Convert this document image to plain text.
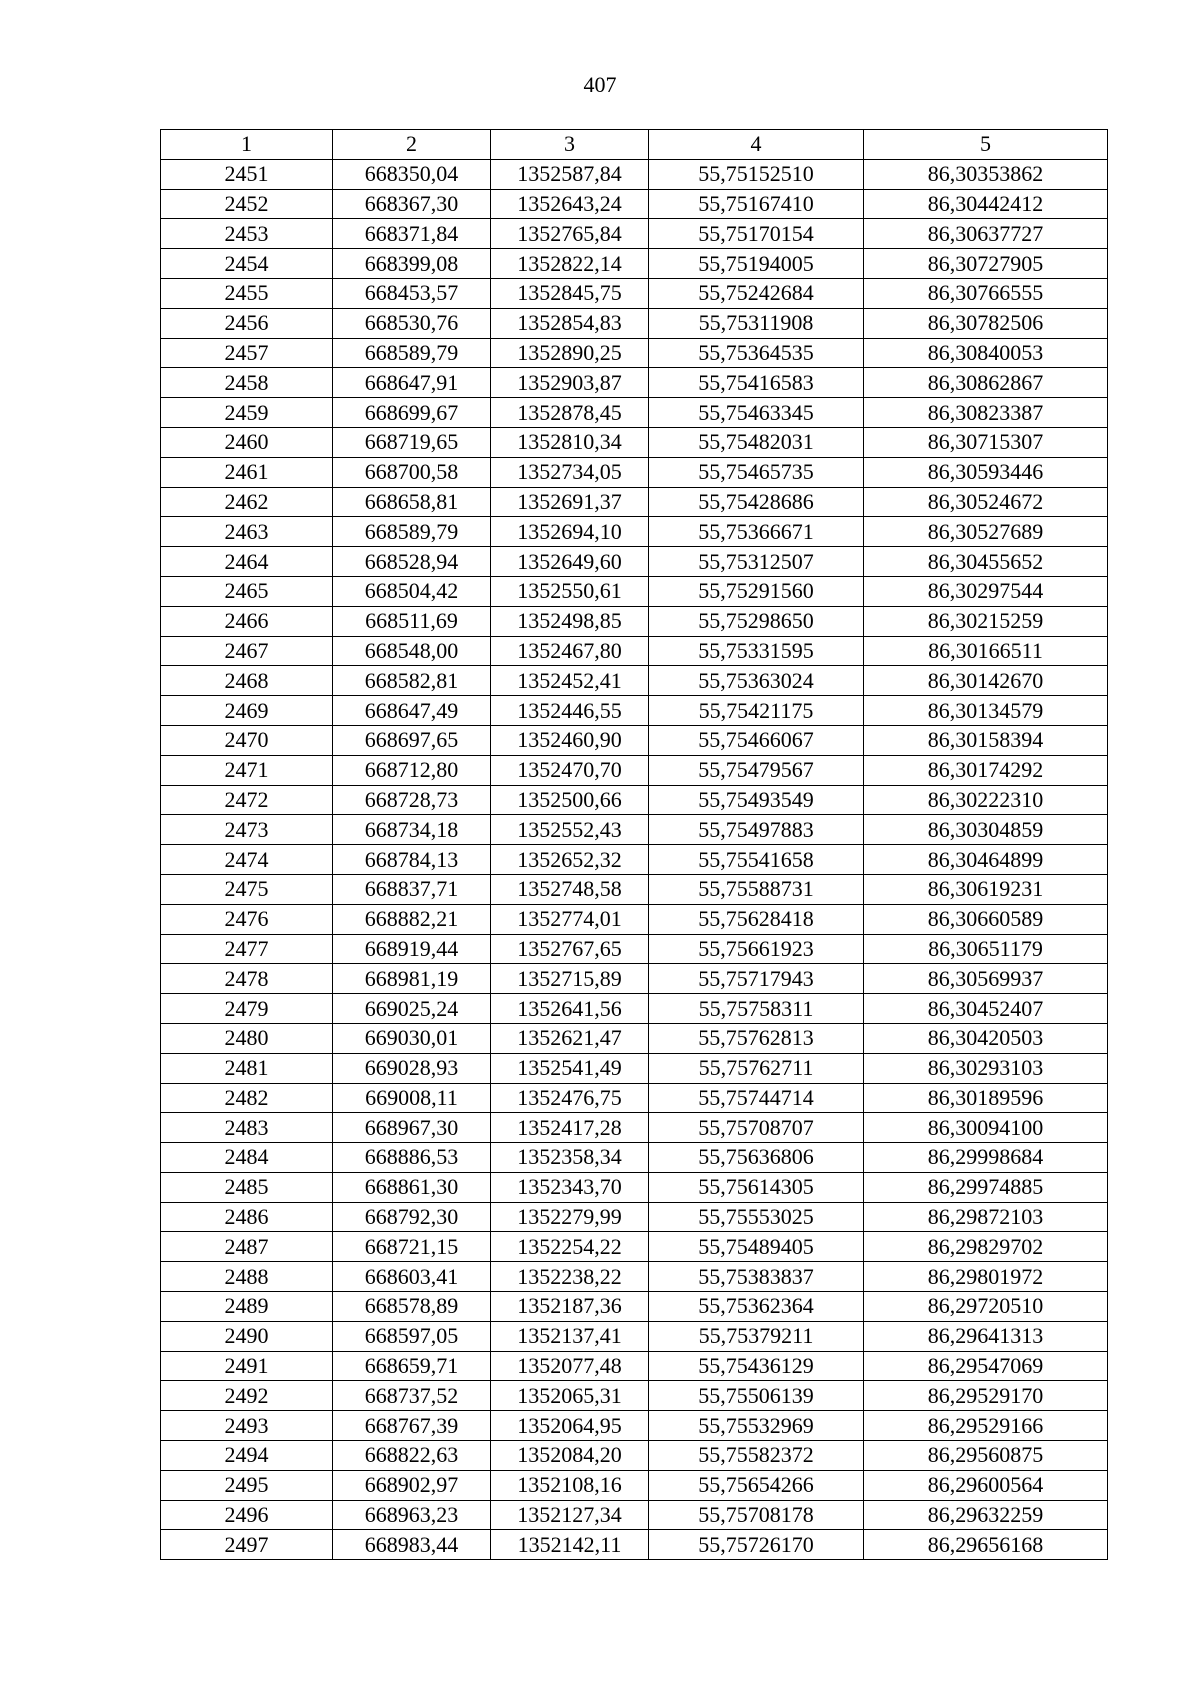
407
1	2	3	4	5
2451	668350,04	1352587,84	55,75152510	86,30353862
2452	668367,30	1352643,24	55,75167410	86,30442412
2453	668371,84	1352765,84	55,75170154	86,30637727
2454	668399,08	1352822,14	55,75194005	86,30727905
2455	668453,57	1352845,75	55,75242684	86,30766555
2456	668530,76	1352854,83	55,75311908	86,30782506
2457	668589,79	1352890,25	55,75364535	86,30840053
2458	668647,91	1352903,87	55,75416583	86,30862867
2459	668699,67	1352878,45	55,75463345	86,30823387
2460	668719,65	1352810,34	55,75482031	86,30715307
2461	668700,58	1352734,05	55,75465735	86,30593446
2462	668658,81	1352691,37	55,75428686	86,30524672
2463	668589,79	1352694,10	55,75366671	86,30527689
2464	668528,94	1352649,60	55,75312507	86,30455652
2465	668504,42	1352550,61	55,75291560	86,30297544
2466	668511,69	1352498,85	55,75298650	86,30215259
2467	668548,00	1352467,80	55,75331595	86,30166511
2468	668582,81	1352452,41	55,75363024	86,30142670
2469	668647,49	1352446,55	55,75421175	86,30134579
2470	668697,65	1352460,90	55,75466067	86,30158394
2471	668712,80	1352470,70	55,75479567	86,30174292
2472	668728,73	1352500,66	55,75493549	86,30222310
2473	668734,18	1352552,43	55,75497883	86,30304859
2474	668784,13	1352652,32	55,75541658	86,30464899
2475	668837,71	1352748,58	55,75588731	86,30619231
2476	668882,21	1352774,01	55,75628418	86,30660589
2477	668919,44	1352767,65	55,75661923	86,30651179
2478	668981,19	1352715,89	55,75717943	86,30569937
2479	669025,24	1352641,56	55,75758311	86,30452407
2480	669030,01	1352621,47	55,75762813	86,30420503
2481	669028,93	1352541,49	55,75762711	86,30293103
2482	669008,11	1352476,75	55,75744714	86,30189596
2483	668967,30	1352417,28	55,75708707	86,30094100
2484	668886,53	1352358,34	55,75636806	86,29998684
2485	668861,30	1352343,70	55,75614305	86,29974885
2486	668792,30	1352279,99	55,75553025	86,29872103
2487	668721,15	1352254,22	55,75489405	86,29829702
2488	668603,41	1352238,22	55,75383837	86,29801972
2489	668578,89	1352187,36	55,75362364	86,29720510
2490	668597,05	1352137,41	55,75379211	86,29641313
2491	668659,71	1352077,48	55,75436129	86,29547069
2492	668737,52	1352065,31	55,75506139	86,29529170
2493	668767,39	1352064,95	55,75532969	86,29529166
2494	668822,63	1352084,20	55,75582372	86,29560875
2495	668902,97	1352108,16	55,75654266	86,29600564
2496	668963,23	1352127,34	55,75708178	86,29632259
2497	668983,44	1352142,11	55,75726170	86,29656168
